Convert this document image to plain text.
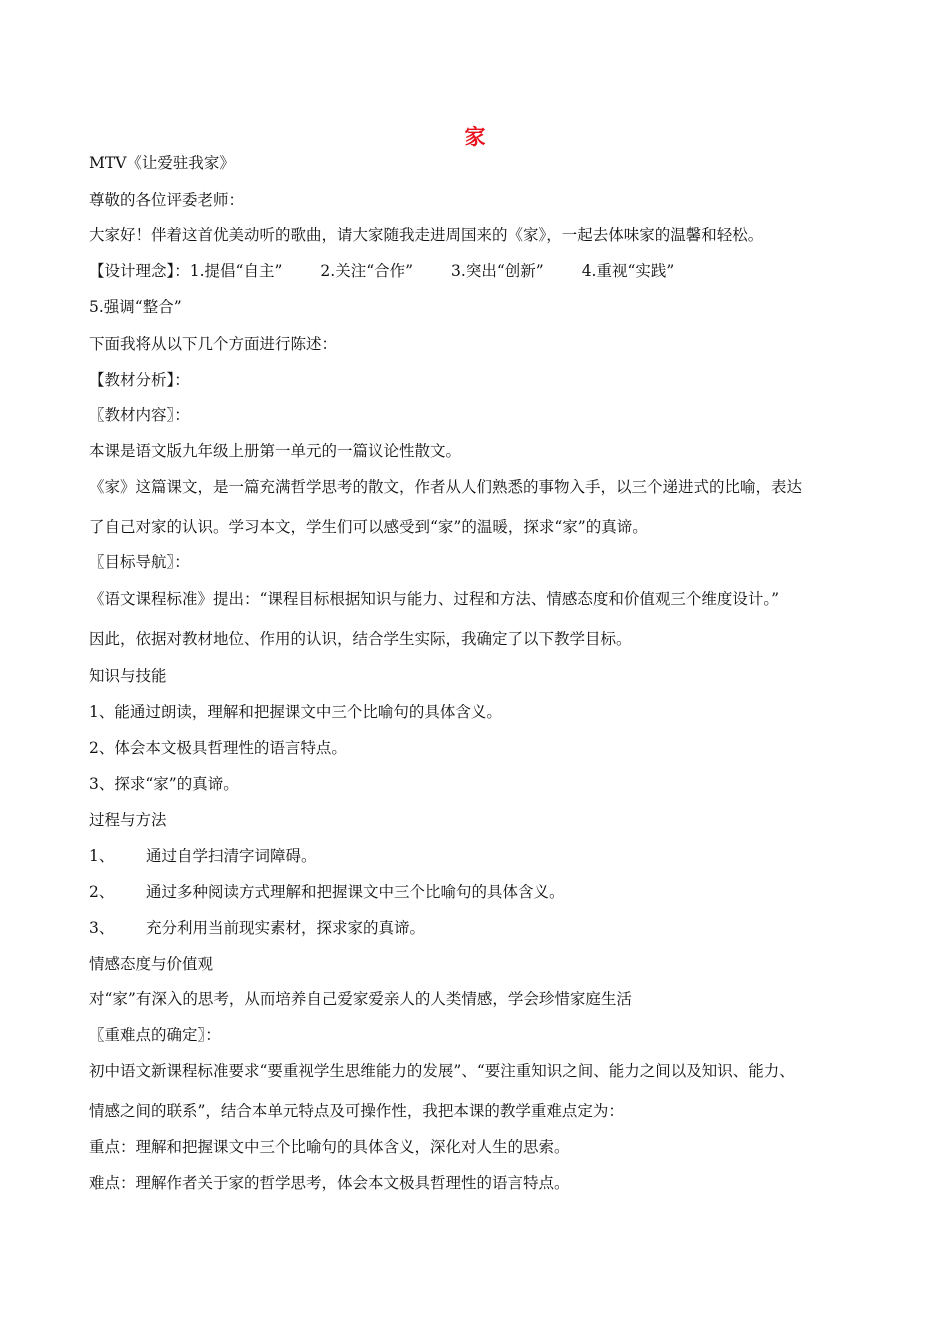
家
MTV《让爱驻我家》
尊敬的各位评委老师：
大家好！伴着这首优美动听的歌曲，请大家随我走进周国来的《家》，一起去体味家的温馨和轻松。
【设计理念】：1.提倡“自主” 2.关注“合作” 3.突出“创新” 4.重视“实践”
5.强调“整合”
下面我将从以下几个方面进行陈述：
【教材分析】：
〖教材内容〗：
本课是语文版九年级上册第一单元的一篇议论性散文。
《家》这篇课文，是一篇充满哲学思考的散文，作者从人们熟悉的事物入手，以三个递进式的比喻，表达
了自己对家的认识。学习本文，学生们可以感受到“家”的温暖，探求“家”的真谛。
〖目标导航〗：
《语文课程标准》提出：“课程目标根据知识与能力、过程和方法、情感态度和价值观三个维度设计。”
因此，依据对教材地位、作用的认识，结合学生实际，我确定了以下教学目标。
知识与技能
1、能通过朗读，理解和把握课文中三个比喻句的具体含义。
2、体会本文极具哲理性的语言特点。
3、探求“家”的真谛。
过程与方法
1、 通过自学扫清字词障碍。
2、 通过多种阅读方式理解和把握课文中三个比喻句的具体含义。
3、 充分利用当前现实素材，探求家的真谛。
情感态度与价值观
对“家”有深入的思考，从而培养自己爱家爱亲人的人类情感，学会珍惜家庭生活
〖重难点的确定〗：
初中语文新课程标准要求“要重视学生思维能力的发展”、“要注重知识之间、能力之间以及知识、能力、
情感之间的联系”，结合本单元特点及可操作性，我把本课的教学重难点定为：
重点：理解和把握课文中三个比喻句的具体含义，深化对人生的思索。
难点：理解作者关于家的哲学思考，体会本文极具哲理性的语言特点。
